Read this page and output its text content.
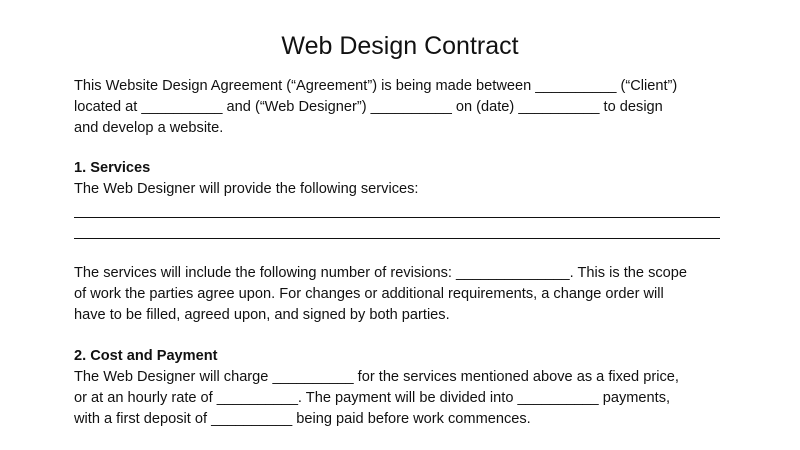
Web Design Contract
This Website Design Agreement (“Agreement”) is being made between __________ (“Client”)
located at __________ and (“Web Designer”) __________ on (date) __________ to design
and develop a website.
1. Services
The Web Designer will provide the following services:
The services will include the following number of revisions: ______________. This is the scope
of work the parties agree upon. For changes or additional requirements, a change order will
have to be filled, agreed upon, and signed by both parties.
2. Cost and Payment
The Web Designer will charge __________ for the services mentioned above as a fixed price,
or at an hourly rate of __________. The payment will be divided into __________ payments,
with a first deposit of __________ being paid before work commences.
